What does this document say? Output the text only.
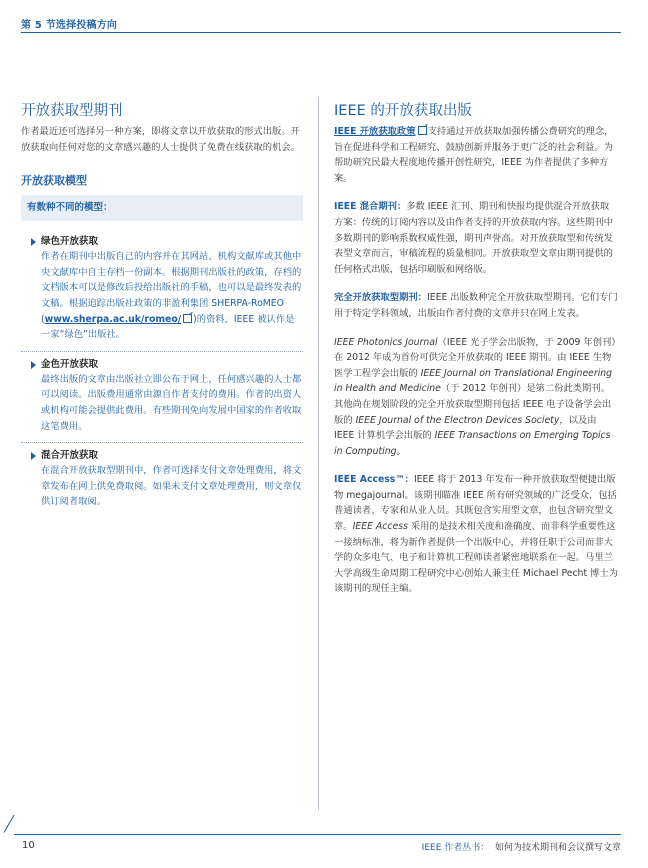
第 5 节选择投稿方向
开放获取型期刊

作者最近还可选择另一种方案，即将文章以开放获取的形式出版。开放获取向任何对您的文章感兴趣的人士提供了免费在线获取的机会。

开放获取模型
有数种不同的模型：
绿色开放获取
作者在期刊中出版自己的内容并在其网站、机构文献库或其他中央文献库中自主存档一份副本。根据期刊出版社的政策，存档的文档版本可以是修改后投给出版社的手稿，也可以是最终发表的文稿。根据追踪出版社政策的非盈利集团 SHERPA-RoMEO (www.sherpa.ac.uk/romeo/ )的资料，IEEE 被认作是一家“绿色”出版社。
金色开放获取
最终出版的文章由出版社立即公布于网上，任何感兴趣的人士都可以阅读。出版费用通常由源自作者支付的费用。作者的出资人或机构可能会提供此费用。有些期刊免向发展中国家的作者收取这笔费用。
混合开放获取
在混合开放获取型期刊中，作者可选择支付文章处理费用，将文章发布在网上供免费取阅。如果未支付文章处理费用，则文章仅供订阅者取阅。
IEEE 的开放获取出版

IEEE 开放获取政策 支持通过开放获取加强传播公费研究的理念，旨在促进科学和工程研究、鼓励创新并服务于更广泛的社会利益。为帮助研究民最大程度地传播开创性研究，IEEE 为作者提供了多种方案。

IEEE 混合期刊：多数 IEEE 汇刊、期刊和快报均提供混合开放获取方案：传统的订阅内容以及由作者支持的开放获取内容。这些期刊中多数期刊的影响系数权威性强，期刊声誉高。对开放获取型和传统发表型文章而言，审稿流程的质量相同。开放获取型文章由期刊提供的任何格式出版，包括印刷版和网络版。

完全开放获取型期刊：IEEE 出版数种完全开放获取型期刊。它们专门用于特定学科领域，出版由作者付费的文章并只在网上发表。

IEEE Photonics Journal（IEEE 光子学会出版物，于 2009 年创刊）在 2012 年成为首份可供完全开放获取的 IEEE 期刊。由 IEEE 生物医学工程学会出版的 IEEE Journal on Translational Engineering in Health and Medicine（于 2012 年创刊）是第二份此类期刊。其他尚在规划阶段的完全开放获取型期刊包括 IEEE 电子设备学会出版的 IEEE Journal of the Electron Devices Society，以及由 IEEE 计算机学会出版的 IEEE Transactions on Emerging Topics in Computing。

IEEE Access™：IEEE 将于 2013 年发布一种开放获取型便捷出版物 megajournal。该期刊瞄准 IEEE 所有研究领域的广泛受众，包括普通读者、专家和从业人员。其既包含实用型文章，也包含研究型文章。IEEE Access 采用的是技术相关度和准确度、而非科学重要性这一接纳标准，将为新作者提供一个出版中心，并将任职于公司而非大学的众多电气、电子和计算机工程师读者紧密地联系在一起。马里兰大学高级生命周期工程研究中心创始人兼主任 Michael Pecht 博士为该期刊的现任主编。

10	IEEE 作者丛书： 如何为技术期刊和会议撰写文章
